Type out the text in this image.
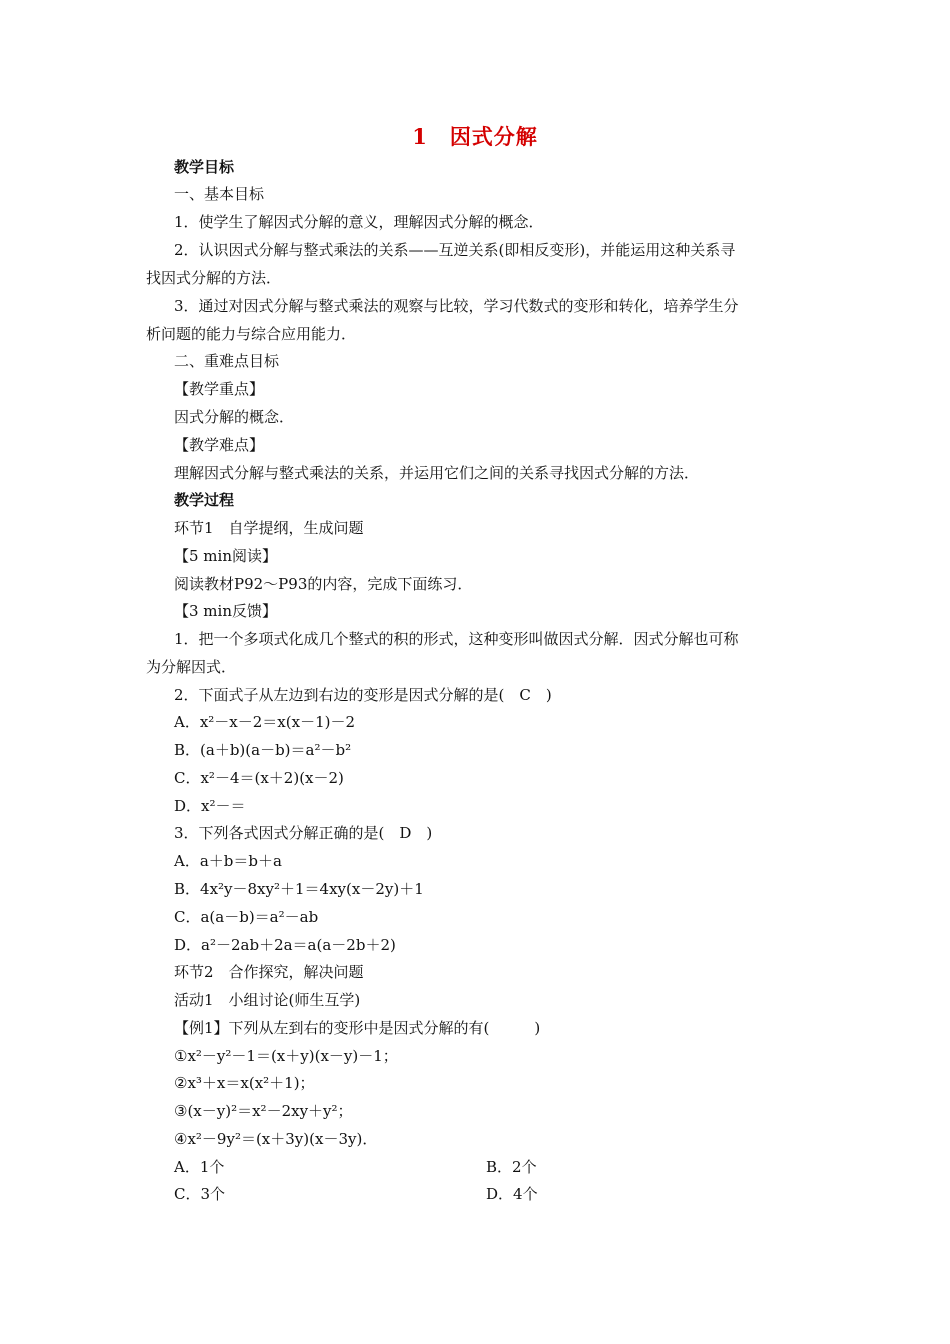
1 因式分解
教学目标
一、基本目标
1．使学生了解因式分解的意义，理解因式分解的概念．
2．认识因式分解与整式乘法的关系——互逆关系(即相反变形)，并能运用这种关系寻
找因式分解的方法．
3．通过对因式分解与整式乘法的观察与比较，学习代数式的变形和转化，培养学生分
析问题的能力与综合应用能力．
二、重难点目标
【教学重点】
因式分解的概念．
【教学难点】
理解因式分解与整式乘法的关系，并运用它们之间的关系寻找因式分解的方法．
教学过程
环节1　自学提纲，生成问题
【5 min阅读】
阅读教材P92～P93的内容，完成下面练习．
【3 min反馈】
1．把一个多项式化成几个整式的积的形式，这种变形叫做因式分解．因式分解也可称
为分解因式．
2．下面式子从左边到右边的变形是因式分解的是(　C　)
A．x²－x－2＝x(x－1)－2
B．(a＋b)(a－b)＝a²－b²
C．x²－4＝(x＋2)(x－2)
D．x²－＝
3．下列各式因式分解正确的是(　D　)
A．a＋b＝b＋a
B．4x²y－8xy²＋1＝4xy(x－2y)＋1
C．a(a－b)＝a²－ab
D．a²－2ab＋2a＝a(a－2b＋2)
环节2　合作探究，解决问题
活动1　小组讨论(师生互学)
【例1】下列从左到右的变形中是因式分解的有(　　　)
①x²－y²－1＝(x＋y)(x－y)－1；
②x³＋x＝x(x²＋1)；
③(x－y)²＝x²－2xy＋y²；
④x²－9y²＝(x＋3y)(x－3y)．
A．1个	B．2个
C．3个	D．4个
